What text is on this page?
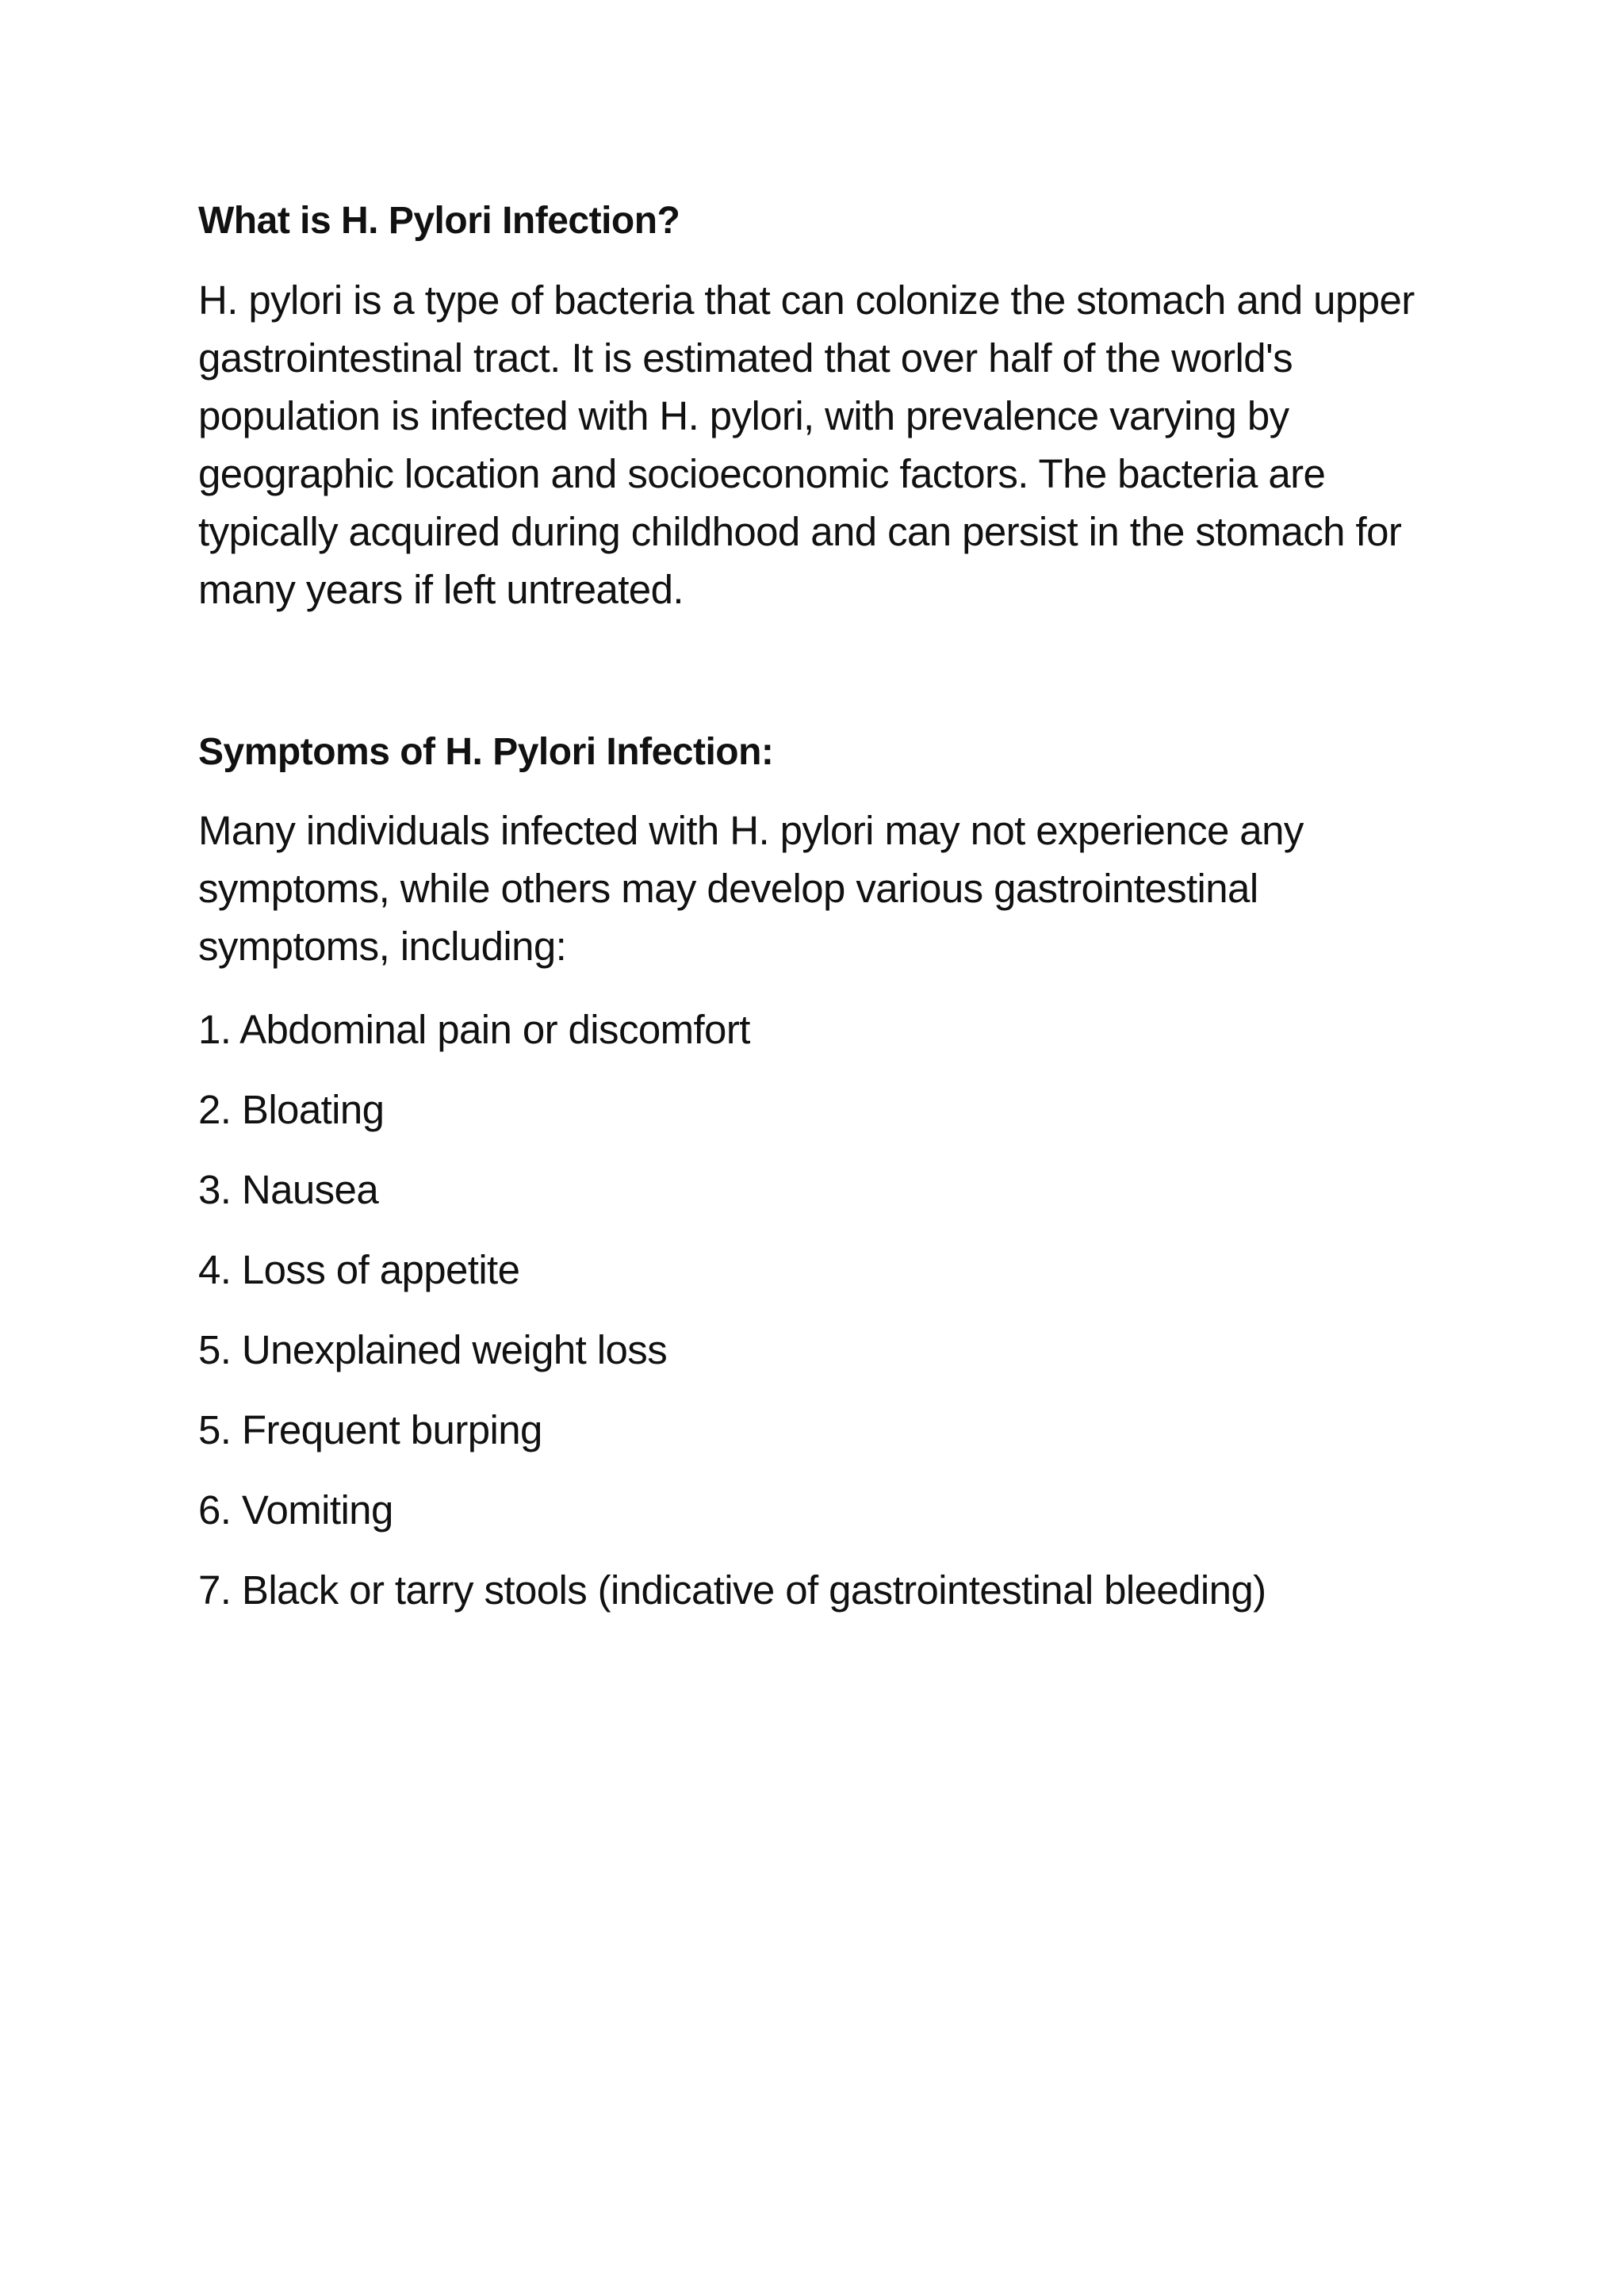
What is H. Pylori Infection?

H. pylori is a type of bacteria that can colonize the stomach and upper gastrointestinal tract. It is estimated that over half of the world's population is infected with H. pylori, with prevalence varying by geographic location and socioeconomic factors. The bacteria are typically acquired during childhood and can persist in the stomach for many years if left untreated.

Symptoms of H. Pylori Infection:

Many individuals infected with H. pylori may not experience any symptoms, while others may develop various gastrointestinal symptoms, including:

1. Abdominal pain or discomfort
2. Bloating
3. Nausea
4. Loss of appetite
5. Unexplained weight loss
5. Frequent burping
6. Vomiting
7. Black or tarry stools (indicative of gastrointestinal bleeding)
